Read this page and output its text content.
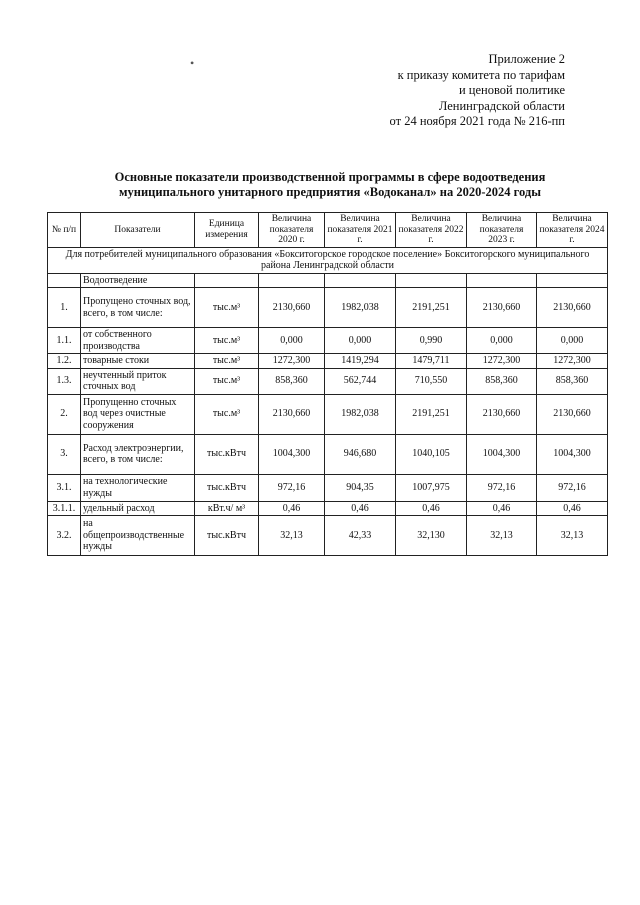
•	Приложение 2
к приказу комитета по тарифам
и ценовой политике
Ленинградской области
от 24 ноября 2021 года № 216-пп
Основные показатели производственной программы в сфере водоотведения
муниципального унитарного предприятия «Водоканал» на 2020-2024 годы
№ п/п	Показатели	Единица измерения	Величина показателя 2020 г.	Величина показателя 2021 г.	Величина показателя 2022 г.	Величина показателя 2023 г.	Величина показателя 2024 г.
Для потребителей муниципального образования «Бокситогорское городское поселение» Бокситогорского муниципального района Ленинградской области							
	Водоотведение						
1.	Пропущено сточных вод, всего, в том числе:	тыс.м³	2130,660	1982,038	2191,251	2130,660	2130,660
1.1.	от собственного производства	тыс.м³	0,000	0,000	0,990	0,000	0,000
1.2.	товарные стоки	тыс.м³	1272,300	1419,294	1479,711	1272,300	1272,300
1.3.	неучтенный приток сточных вод	тыс.м³	858,360	562,744	710,550	858,360	858,360
2.	Пропущенно сточных вод через очистные сооружения	тыс.м³	2130,660	1982,038	2191,251	2130,660	2130,660
3.	Расход электроэнергии, всего, в том числе:	тыс.кВтч	1004,300	946,680	1040,105	1004,300	1004,300
3.1.	на технологические нужды	тыс.кВтч	972,16	904,35	1007,975	972,16	972,16
3.1.1.	удельный расход	кВт.ч/ м³	0,46	0,46	0,46	0,46	0,46
3.2.	на общепроизводственные нужды	тыс.кВтч	32,13	42,33	32,130	32,13	32,13
